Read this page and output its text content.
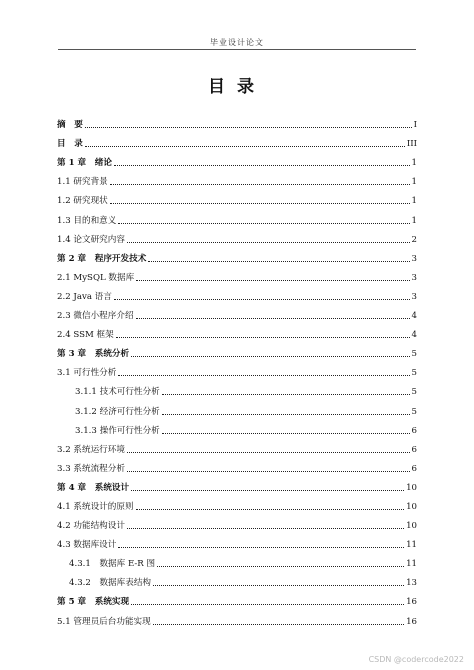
毕业设计论文
目录
摘　要	I
目　录	III
第 1 章　绪论	1
1.1 研究背景	1
1.2 研究现状	1
1.3 目的和意义	1
1.4 论文研究内容	2
第 2 章　程序开发技术	3
2.1 MySQL 数据库	3
2.2 Java 语言	3
2.3 微信小程序介绍	4
2.4 SSM 框架	4
第 3 章　系统分析	5
3.1 可行性分析	5
3.1.1 技术可行性分析	5
3.1.2 经济可行性分析	5
3.1.3 操作可行性分析	6
3.2 系统运行环境	6
3.3 系统流程分析	6
第 4 章　系统设计	10
4.1 系统设计的原则	10
4.2 功能结构设计	10
4.3 数据库设计	11
4.3.1　数据库 E-R 图	11
4.3.2　数据库表结构	13
第 5 章　系统实现	16
5.1 管理员后台功能实现	16
CSDN @codercode2022
